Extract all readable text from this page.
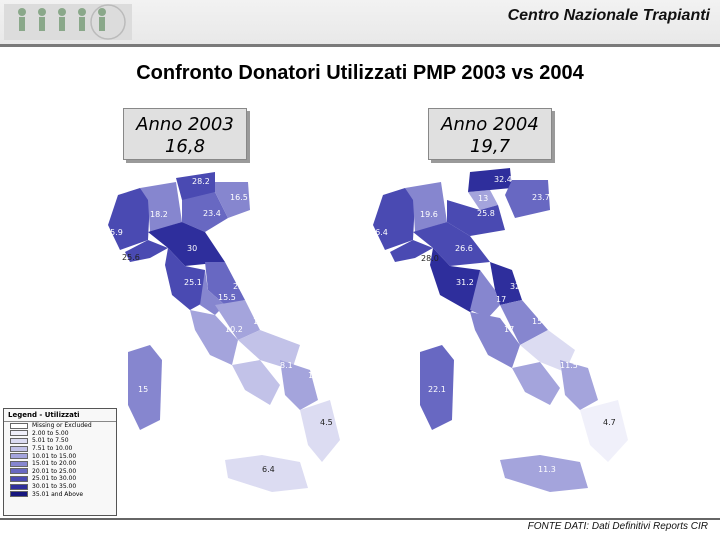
Centro Nazionale Trapianti
Confronto Donatori Utilizzati PMP 2003 vs 2004
Anno 2003
16,8
Anno 2004
19,7
28.2
16.5
18.2	23.4
25.9
25.6
30
25.1	23.2
15.5
10.3
10.2
9
8.1
11.6
15
4.5
6.4
32.4
13	23.7
19.6	25.8
26.4
28.0
26.6
31.2	32.6
17
15.8
17
6.6
11.5
11.7
22.1
4.7
11.3
Legend - Utilizzati
Missing or Excluded
2.00 to 5.00
5.01 to 7.50
7.51 to 10.00
10.01 to 15.00
15.01 to 20.00
20.01 to 25.00
25.01 to 30.00
30.01 to 35.00
35.01 and Above
FONTE DATI: Dati Definitivi Reports CIR
